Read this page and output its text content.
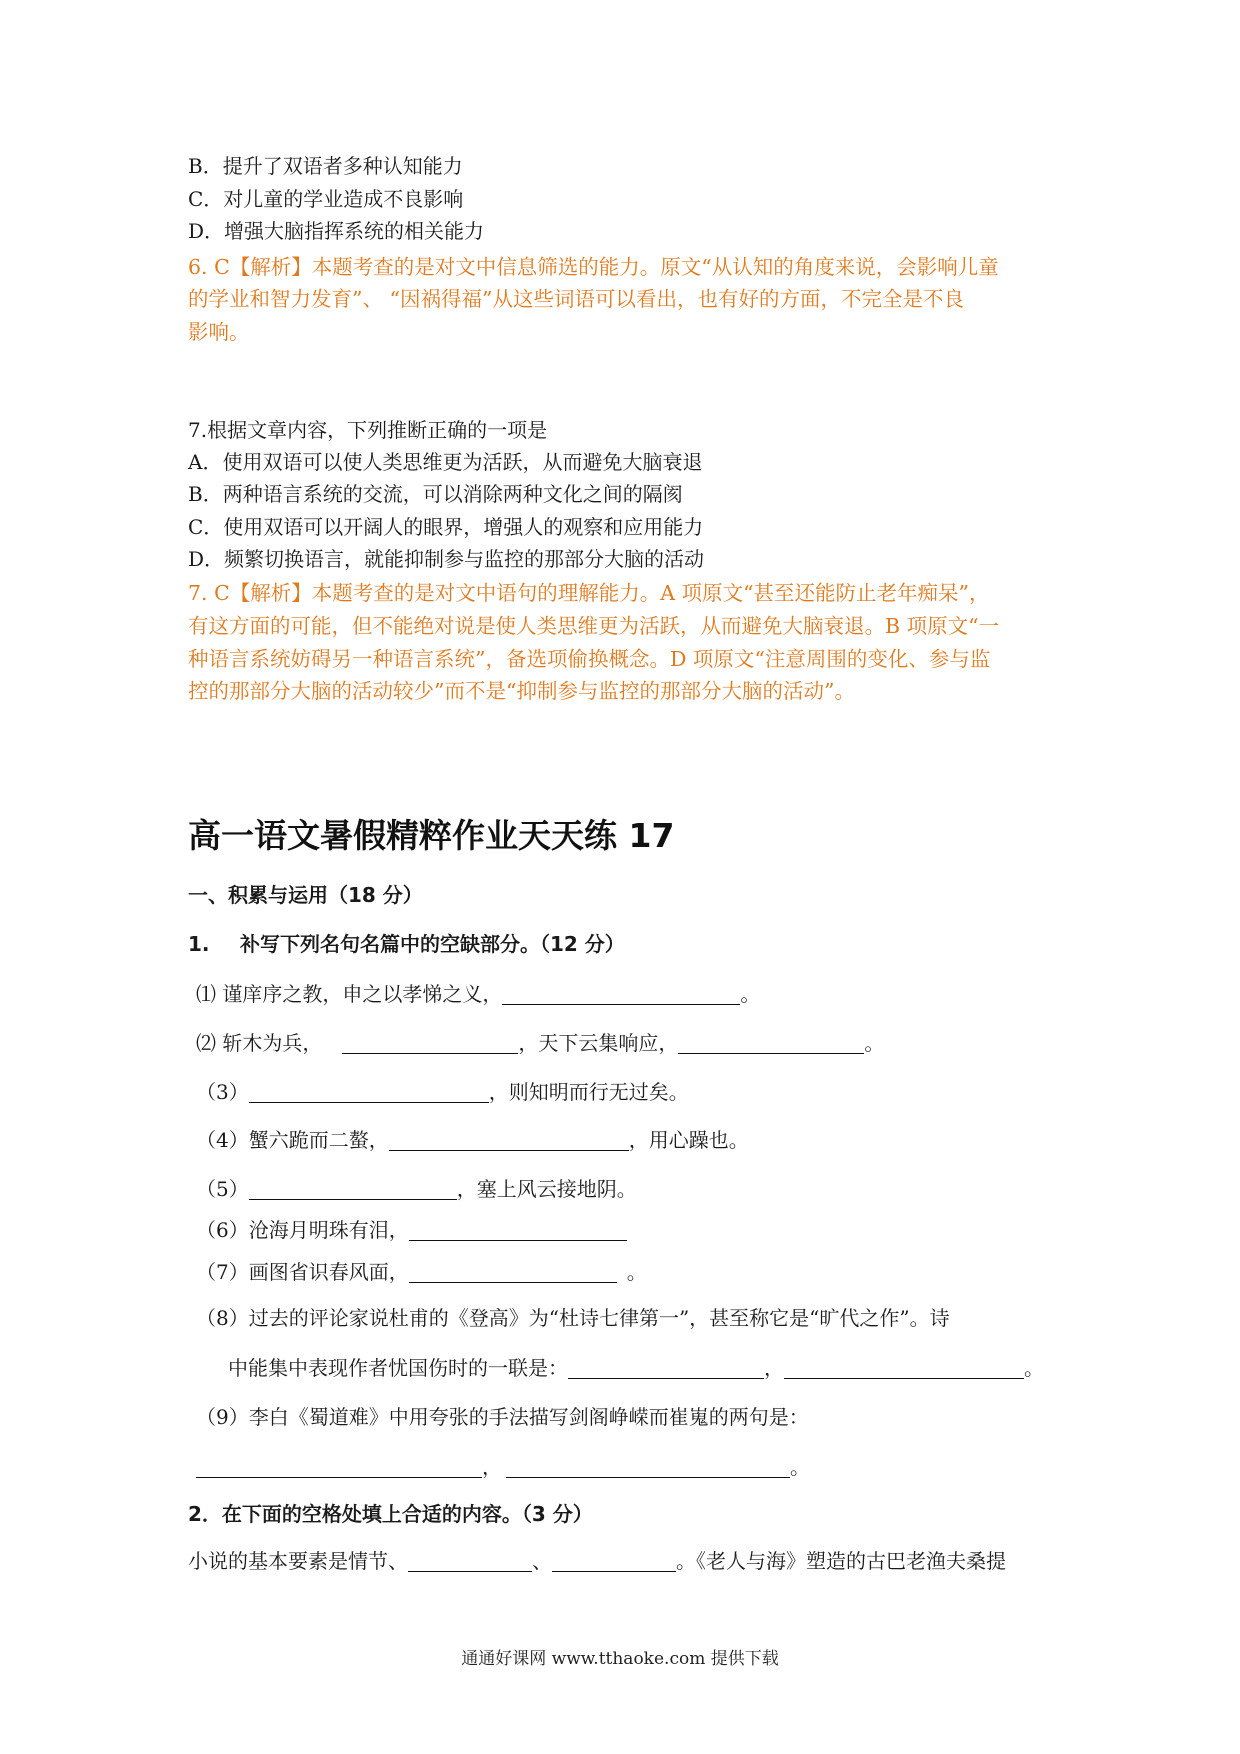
B．提升了双语者多种认知能力
C．对儿童的学业造成不良影响
D．增强大脑指挥系统的相关能力
6. C【解析】本题考查的是对文中信息筛选的能力。原文“从认知的角度来说，会影响儿童
的学业和智力发育”、 “因祸得福”从这些词语可以看出，也有好的方面，不完全是不良
影响。
7.根据文章内容，下列推断正确的一项是
A．使用双语可以使人类思维更为活跃，从而避免大脑衰退
B．两种语言系统的交流，可以消除两种文化之间的隔阂
C．使用双语可以开阔人的眼界，增强人的观察和应用能力
D．频繁切换语言，就能抑制参与监控的那部分大脑的活动
7. C【解析】本题考查的是对文中语句的理解能力。A 项原文“甚至还能防止老年痴呆”，
有这方面的可能，但不能绝对说是使人类思维更为活跃，从而避免大脑衰退。B 项原文“一
种语言系统妨碍另一种语言系统”，备选项偷换概念。D 项原文“注意周围的变化、参与监
控的那部分大脑的活动较少”而不是“抑制参与监控的那部分大脑的活动”。
高一语文暑假精粹作业天天练 17
一、积累与运用（18 分）
1. 补写下列名句名篇中的空缺部分。（12 分）
⑴ 谨庠序之教，申之以孝悌之义，	。
⑵ 斩木为兵，	，天下云集响应，	。
（3）	，则知明而行无过矣。
（4）蟹六跪而二螯，	，用心躁也。
（5）	，塞上风云接地阴。
（6）沧海月明珠有泪，
（7）画图省识春风面，	。
（8）过去的评论家说杜甫的《登高》为“杜诗七律第一”，甚至称它是“旷代之作”。诗
中能集中表现作者忧国伤时的一联是：	，	。
（9）李白《蜀道难》中用夸张的手法描写剑阁峥嵘而崔嵬的两句是：
，	。
2．在下面的空格处填上合适的内容。（3 分）
小说的基本要素是情节、	、	。《老人与海》塑造的古巴老渔夫桑提
通通好课网 www.tthaoke.com 提供下载
